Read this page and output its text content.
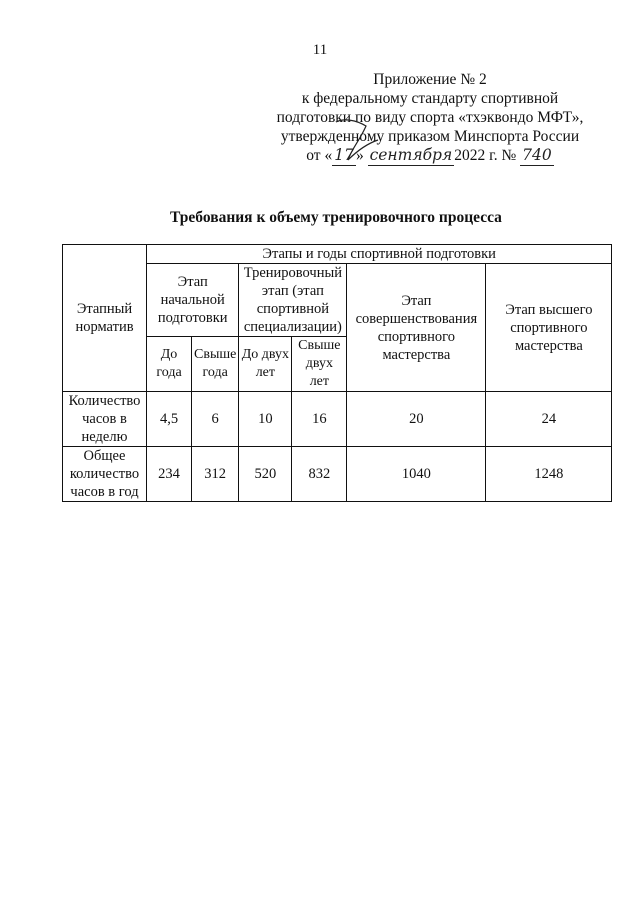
11
Приложение № 2
к федеральному стандарту спортивной
подготовки по виду спорта «тхэквондо МФТ»,
утвержденному приказом Минспорта России
от « 17 » сентября 2022 г. № 740
Требования к объему тренировочного процесса
Этапный норматив	Этапы и годы спортивной подготовки					
	Этап начальной подготовки		Тренировочный этап (этап спортивной специализации)		Этап совершенствования спортивного мастерства	Этап высшего спортивного мастерства
	До года	Свыше года	До двух лет	Свыше двух лет		
Количество часов в неделю	4,5	6	10	16	20	24
Общее количество часов в год	234	312	520	832	1040	1248
